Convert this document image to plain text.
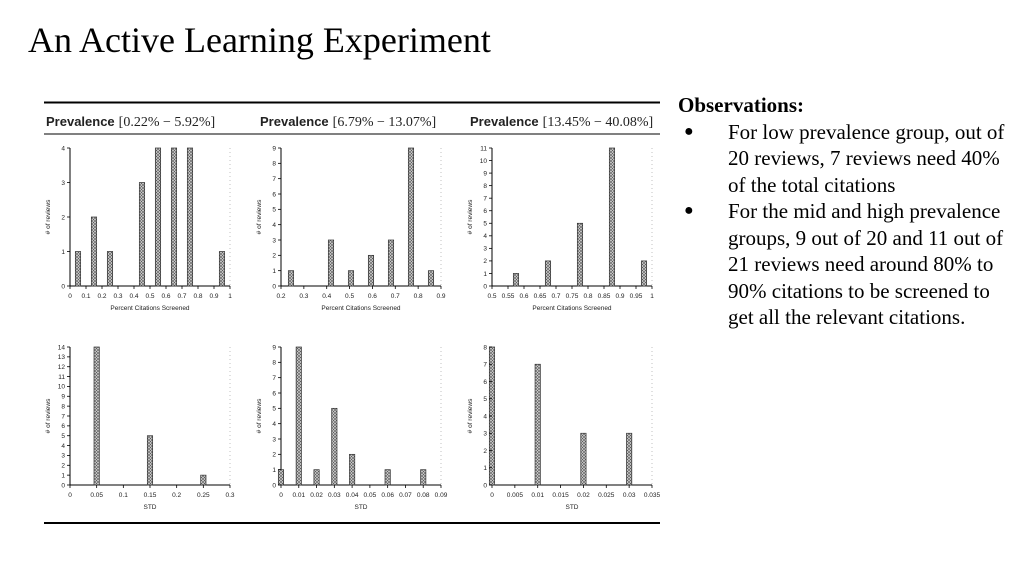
An Active Learning Experiment
Prevalence [0.22% − 5.92%]	Prevalence [6.79% − 13.07%]	Prevalence [13.45% − 40.08%]
0 0.1 0.2 0.3 0.4 0.5 0.6 0.7 0.8 0.9 1
0
1
2
3
4
Percent Citations Screened
# of reviews
0.2 0.3 0.4 0.5 0.6 0.7 0.8 0.9
0
1
2
3
4
5
6
7
8
9
Percent Citations Screened
# of reviews
0.5 0.55 0.6 0.65 0.7 0.75 0.8 0.85 0.9 0.95 1
0
1
2
3
4
5
6
7
8
9
10
11
Percent Citations Screened
# of reviews
0	0.05 0.1 0.15 0.2 0.25 0.3
0
1
2
3
4
5
6
7
8
9
10
11
12
13
14
STD
# of reviews
0 0.01 0.02 0.03 0.04 0.05 0.06 0.07 0.08 0.09
0
1
2
3
4
5
6
7
8
9
STD
# of reviews
0 0.005 0.01 0.015 0.02 0.025 0.03 0.035
0
1
2
3
4
5
6
7
8
STD
# of reviews
Observations:
● For low prevalence group, out of 20 reviews, 7 reviews need 40% of the total citations
● For the mid and high prevalence groups, 9 out of 20 and 11 out of 21 reviews need around 80% to 90% citations to be screened to get all the relevant citations.
